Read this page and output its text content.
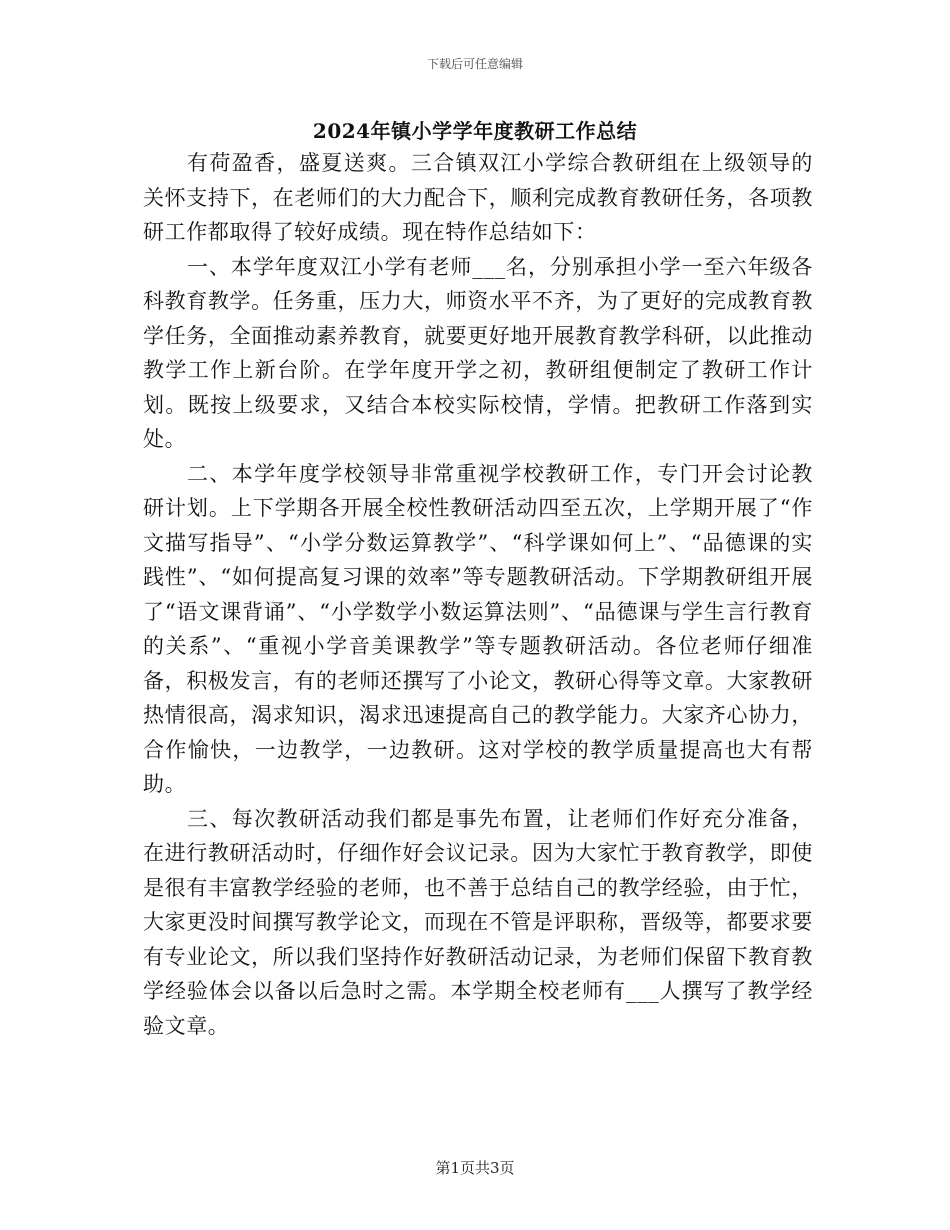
下载后可任意编辑
2024年镇小学学年度教研工作总结

有荷盈香，盛夏送爽。三合镇双江小学综合教研组在上级领导的关怀支持下，在老师们的大力配合下，顺利完成教育教研任务，各项教研工作都取得了较好成绩。现在特作总结如下：

一、本学年度双江小学有老师___名，分别承担小学一至六年级各科教育教学。任务重，压力大，师资水平不齐，为了更好的完成教育教学任务，全面推动素养教育，就要更好地开展教育教学科研，以此推动教学工作上新台阶。在学年度开学之初，教研组便制定了教研工作计划。既按上级要求，又结合本校实际校情，学情。把教研工作落到实处。

二、本学年度学校领导非常重视学校教研工作，专门开会讨论教研计划。上下学期各开展全校性教研活动四至五次，上学期开展了“作文描写指导”、“小学分数运算教学”、“科学课如何上”、“品德课的实践性”、“如何提高复习课的效率”等专题教研活动。下学期教研组开展了“语文课背诵”、“小学数学小数运算法则”、“品德课与学生言行教育的关系”、“重视小学音美课教学”等专题教研活动。各位老师仔细准备，积极发言，有的老师还撰写了小论文，教研心得等文章。大家教研热情很高，渴求知识，渴求迅速提高自己的教学能力。大家齐心协力，合作愉快，一边教学，一边教研。这对学校的教学质量提高也大有帮助。

三、每次教研活动我们都是事先布置，让老师们作好充分准备，在进行教研活动时，仔细作好会议记录。因为大家忙于教育教学，即使是很有丰富教学经验的老师，也不善于总结自己的教学经验，由于忙，大家更没时间撰写教学论文，而现在不管是评职称，晋级等，都要求要有专业论文，所以我们坚持作好教研活动记录，为老师们保留下教育教学经验体会以备以后急时之需。本学期全校老师有___人撰写了教学经验文章。

第1页共3页
